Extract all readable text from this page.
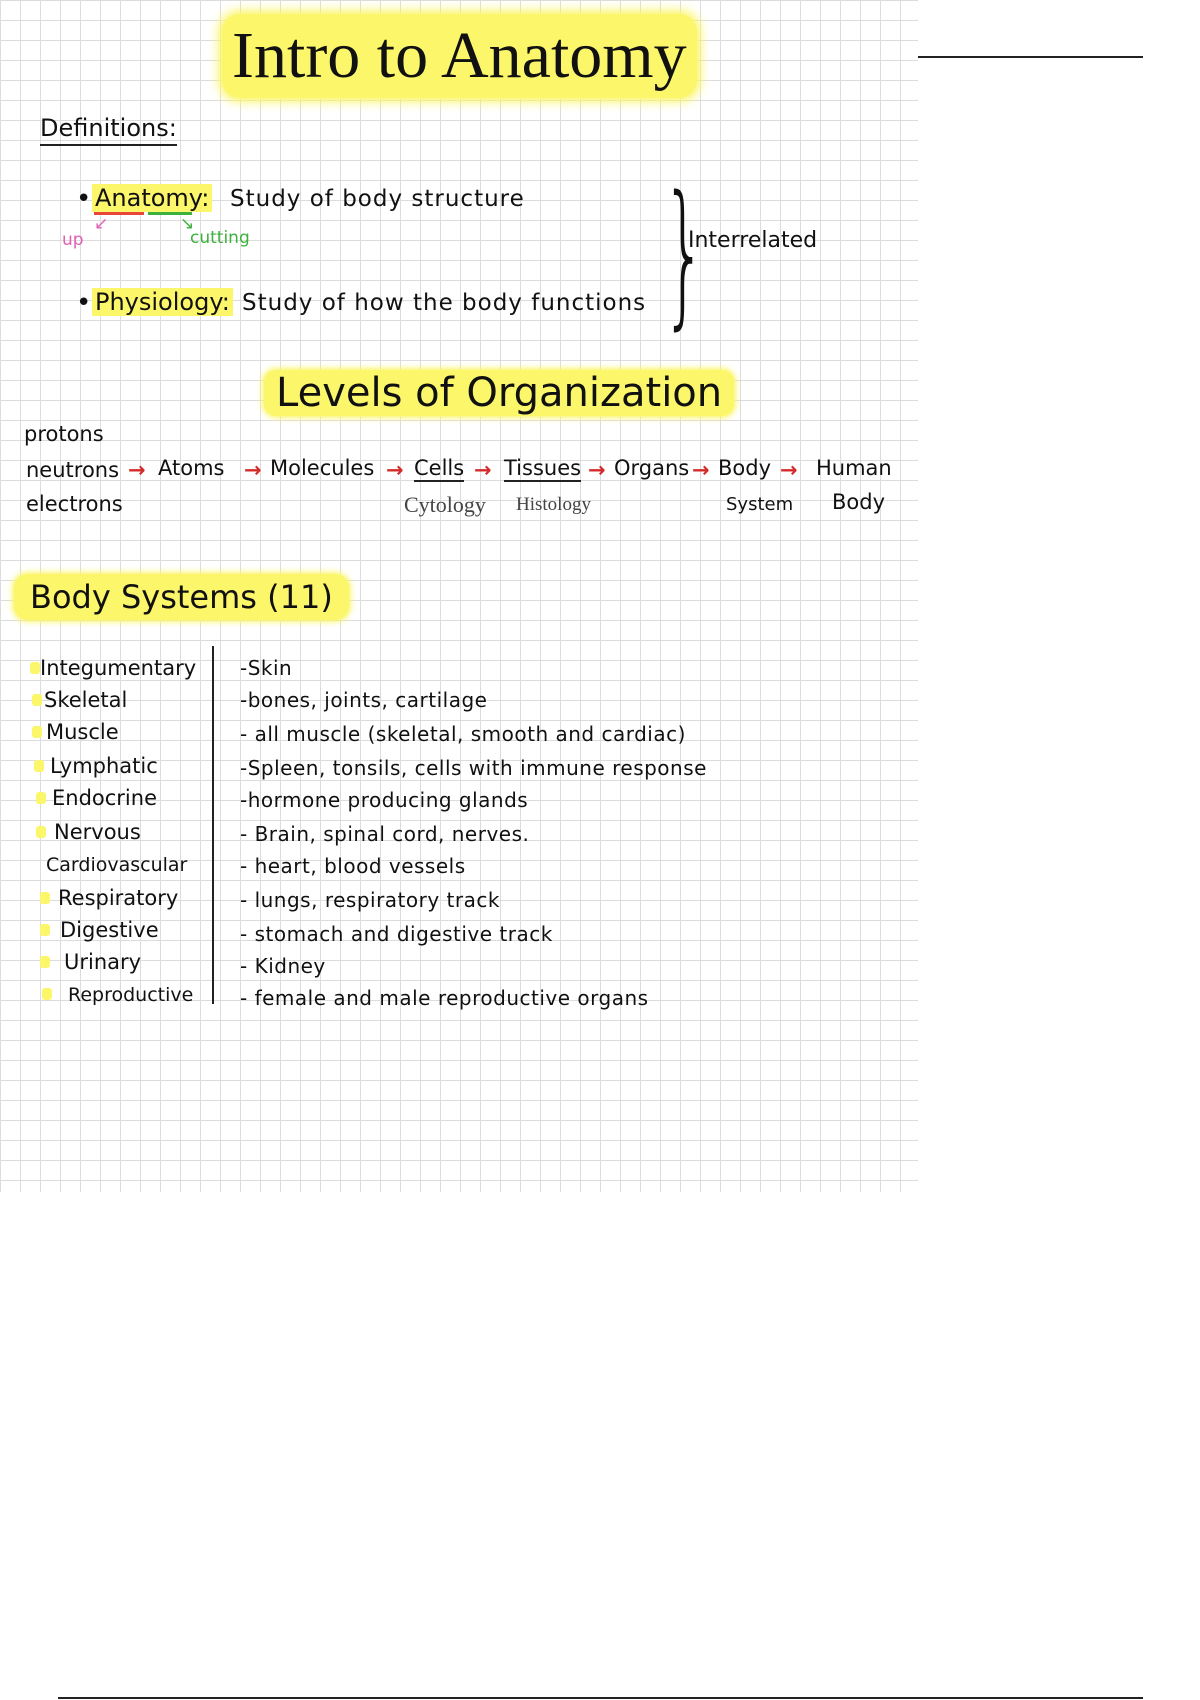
Intro to Anatomy
Definitions:
• Anatomy: Study of body structure
↙
up
↘
cutting
• Physiology: Study of how the body functions }
Interrelated
Levels of Organization
protons
neutrons
electrons
→ Atoms → Molecules → Cells → Tissues → Organs → Body → Human
Cytology Histology	System Body
Body Systems (11)
Integumentary -Skin
Skeletal	-bones, joints, cartilage
Muscle	- all muscle (skeletal, smooth and cardiac)
Lymphatic	-Spleen, tonsils, cells with immune response
Endocrine	-hormone producing glands
Nervous	- Brain, spinal cord, nerves.
Cardiovascular	- heart, blood vessels
Respiratory	- lungs, respiratory track
Digestive	- stomach and digestive track
Urinary	- Kidney
Reproductive - female and male reproductive organs
